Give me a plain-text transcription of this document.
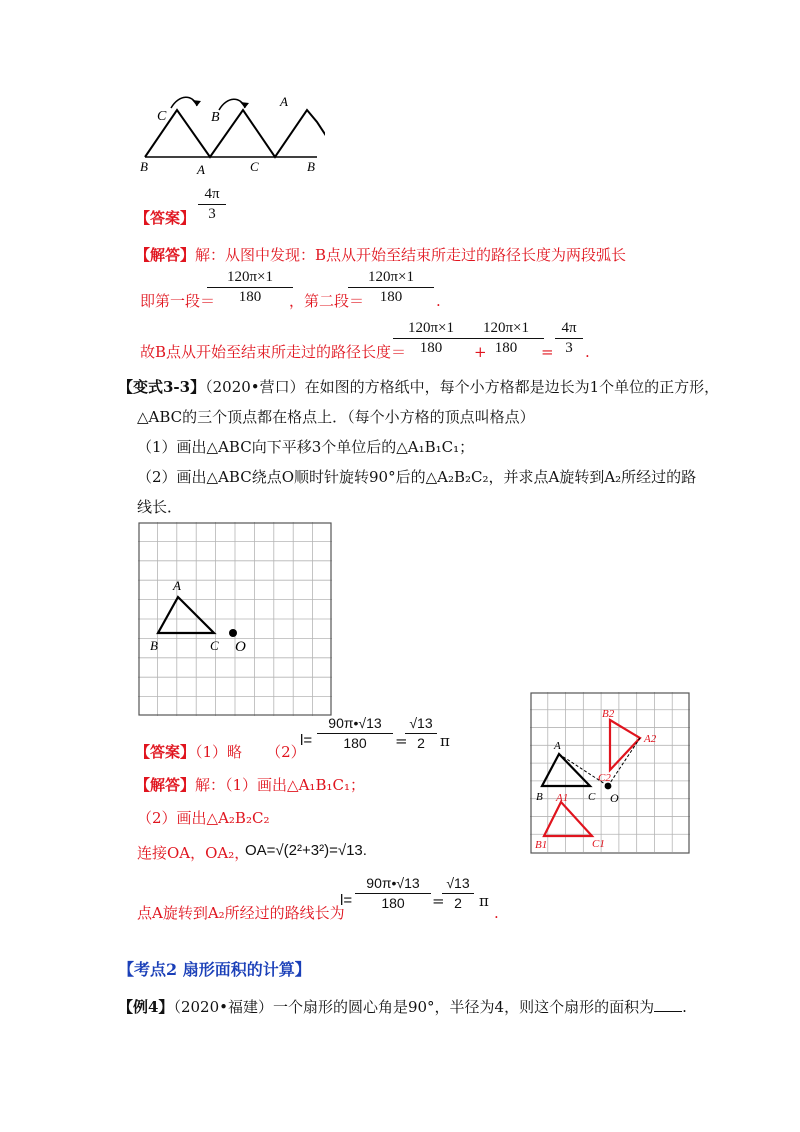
C	B
A
B	A	C	B
【答案】
4π
3
【解答】解：从图中发现：B点从开始至结束所走过的路径长度为两段弧长
即第一段＝
120π×1
180	，第二段＝
120π×1
180	.
故B点从开始至结束所走过的路径长度＝
120π×1
180	+
120π×1
180	=
4π
3 .
【变式3-3】（2020•营口）在如图的方格纸中，每个小方格都是边长为1个单位的正方形，
△ABC的三个顶点都在格点上．（每个小方格的顶点叫格点）
（1）画出△ABC向下平移3个单位后的△A₁B₁C₁；
（2）画出△ABC绕点O顺时针旋转90°后的△A₂B₂C₂，并求点A旋转到A₂所经过的路
线长．
A
B	C O
A
B	C O
A1
B1	C1
A2
B2
C2
【答案】（1）略 （2）
l=
90π•√13
180	=
√13
2	π
【解答】解：（1）画出△A₁B₁C₁；
（2）画出△A₂B₂C₂
连接OA，OA₂，
OA=√(2²+3²)=√13.
点A旋转到A₂所经过的路线长为
l=
90π•√13
180	=
√13
2	π
.
【考点2 扇形面积的计算】
【例4】（2020•福建）一个扇形的圆心角是90°，半径为4，则这个扇形的面积为 .
